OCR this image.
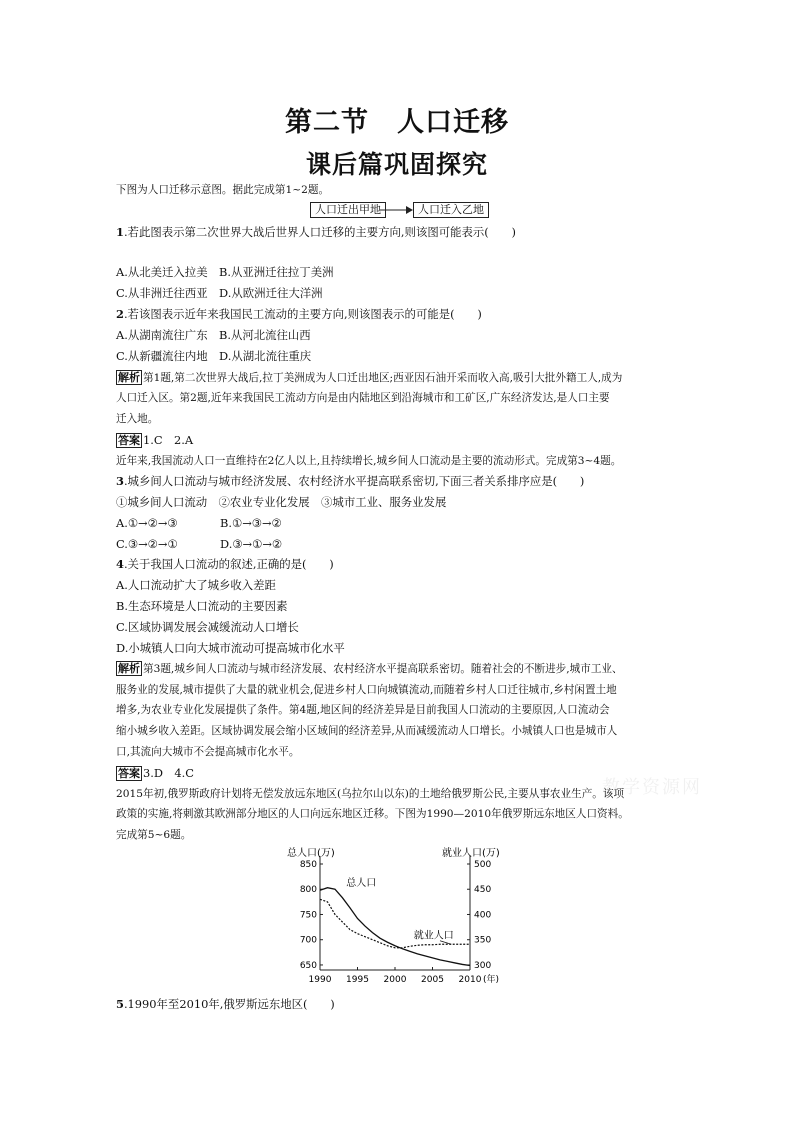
第二节　人口迁移
课后篇巩固探究
下图为人口迁移示意图。据此完成第1~2题。
人口迁出甲地	人口迁入乙地
1.若此图表示第二次世界大战后世界人口迁移的主要方向,则该图可能表示(　　)
A.从北美迁入拉美　B.从亚洲迁往拉丁美洲
C.从非洲迁往西亚　D.从欧洲迁往大洋洲
2.若该图表示近年来我国民工流动的主要方向,则该图表示的可能是(　　)
A.从湖南流往广东　B.从河北流往山西
C.从新疆流往内地　D.从湖北流往重庆
解析 第1题,第二次世界大战后,拉丁美洲成为人口迁出地区;西亚因石油开采而收入高,吸引大批外籍工人,成为
人口迁入区。第2题,近年来我国民工流动方向是由内陆地区到沿海城市和工矿区,广东经济发达,是人口主要
迁入地。
答案 1.C　2.A
近年来,我国流动人口一直维持在2亿人以上,且持续增长,城乡间人口流动是主要的流动形式。完成第3~4题。
3.城乡间人口流动与城市经济发展、农村经济水平提高联系密切,下面三者关系排序应是(　　)
①城乡间人口流动　②农业专业化发展　③城市工业、服务业发展
A.①→②→③	B.①→③→②
C.③→②→①	D.③→①→②
4.关于我国人口流动的叙述,正确的是(　　)
A.人口流动扩大了城乡收入差距
B.生态环境是人口流动的主要因素
C.区域协调发展会减缓流动人口增长
D.小城镇人口向大城市流动可提高城市化水平
解析 第3题,城乡间人口流动与城市经济发展、农村经济水平提高联系密切。随着社会的不断进步,城市工业、
服务业的发展,城市提供了大量的就业机会,促进乡村人口向城镇流动,而随着乡村人口迁往城市,乡村闲置土地
增多,为农业专业化发展提供了条件。第4题,地区间的经济差异是目前我国人口流动的主要原因,人口流动会
缩小城乡收入差距。区域协调发展会缩小区域间的经济差异,从而减缓流动人口增长。小城镇人口也是城市人
口,其流向大城市不会提高城市化水平。
答案 3.D　4.C
教学资源网
2015年初,俄罗斯政府计划将无偿发放远东地区(乌拉尔山以东)的土地给俄罗斯公民,主要从事农业生产。该项
政策的实施,将刺激其欧洲部分地区的人口向远东地区迁移。下图为1990—2010年俄罗斯远东地区人口资料。
完成第5~6题。
总人口(万)	就业人口(万)
850
800
750
700
650
500
450
400
350
300
1990 1995 2000 2005 2010 (年)
总人口
就业人口
5.1990年至2010年,俄罗斯远东地区(　　)
